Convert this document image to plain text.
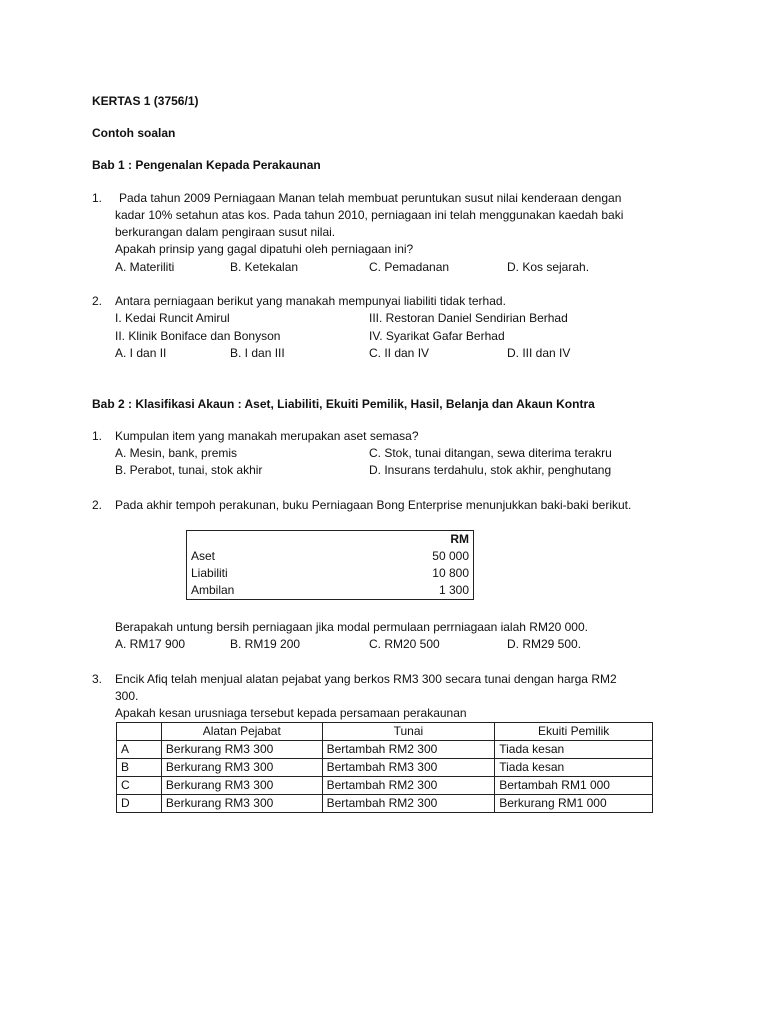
KERTAS 1 (3756/1)
Contoh soalan
Bab 1 : Pengenalan Kepada Perakaunan
1. Pada tahun 2009 Perniagaan Manan telah membuat peruntukan susut nilai kenderaan dengan
kadar 10% setahun atas kos. Pada tahun 2010, perniagaan ini telah menggunakan kaedah baki
berkurangan dalam pengiraan susut nilai.
Apakah prinsip yang gagal dipatuhi oleh perniagaan ini?
A. Materiliti	B. Ketekalan	C. Pemadanan	D. Kos sejarah.
2. Antara perniagaan berikut yang manakah mempunyai liabiliti tidak terhad.
I. Kedai Runcit Amirul	III. Restoran Daniel Sendirian Berhad
II. Klinik Boniface dan Bonyson	IV. Syarikat Gafar Berhad
A. I dan II	B. I dan III	C. II dan IV	D. III dan IV
Bab 2 : Klasifikasi Akaun : Aset, Liabiliti, Ekuiti Pemilik, Hasil, Belanja dan Akaun Kontra
1. Kumpulan item yang manakah merupakan aset semasa?
A. Mesin, bank, premis	C. Stok, tunai ditangan, sewa diterima terakru
B. Perabot, tunai, stok akhir	D. Insurans terdahulu, stok akhir, penghutang
2. Pada akhir tempoh perakunan, buku Perniagaan Bong Enterprise menunjukkan baki-baki berikut.
	RM
Aset	50 000
Liabiliti	10 800
Ambilan	1 300
Berapakah untung bersih perniagaan jika modal permulaan perrniagaan ialah RM20 000.
A. RM17 900	B. RM19 200	C. RM20 500	D. RM29 500.
3. Encik Afiq telah menjual alatan pejabat yang berkos RM3 300 secara tunai dengan harga RM2
300.
Apakah kesan urusniaga tersebut kepada persamaan perakaunan
	Alatan Pejabat	Tunai	Ekuiti Pemilik
A	Berkurang RM3 300	Bertambah RM2 300	Tiada kesan
B	Berkurang RM3 300	Bertambah RM3 300	Tiada kesan
C	Berkurang RM3 300	Bertambah RM2 300	Bertambah RM1 000
D	Berkurang RM3 300	Bertambah RM2 300	Berkurang RM1 000
